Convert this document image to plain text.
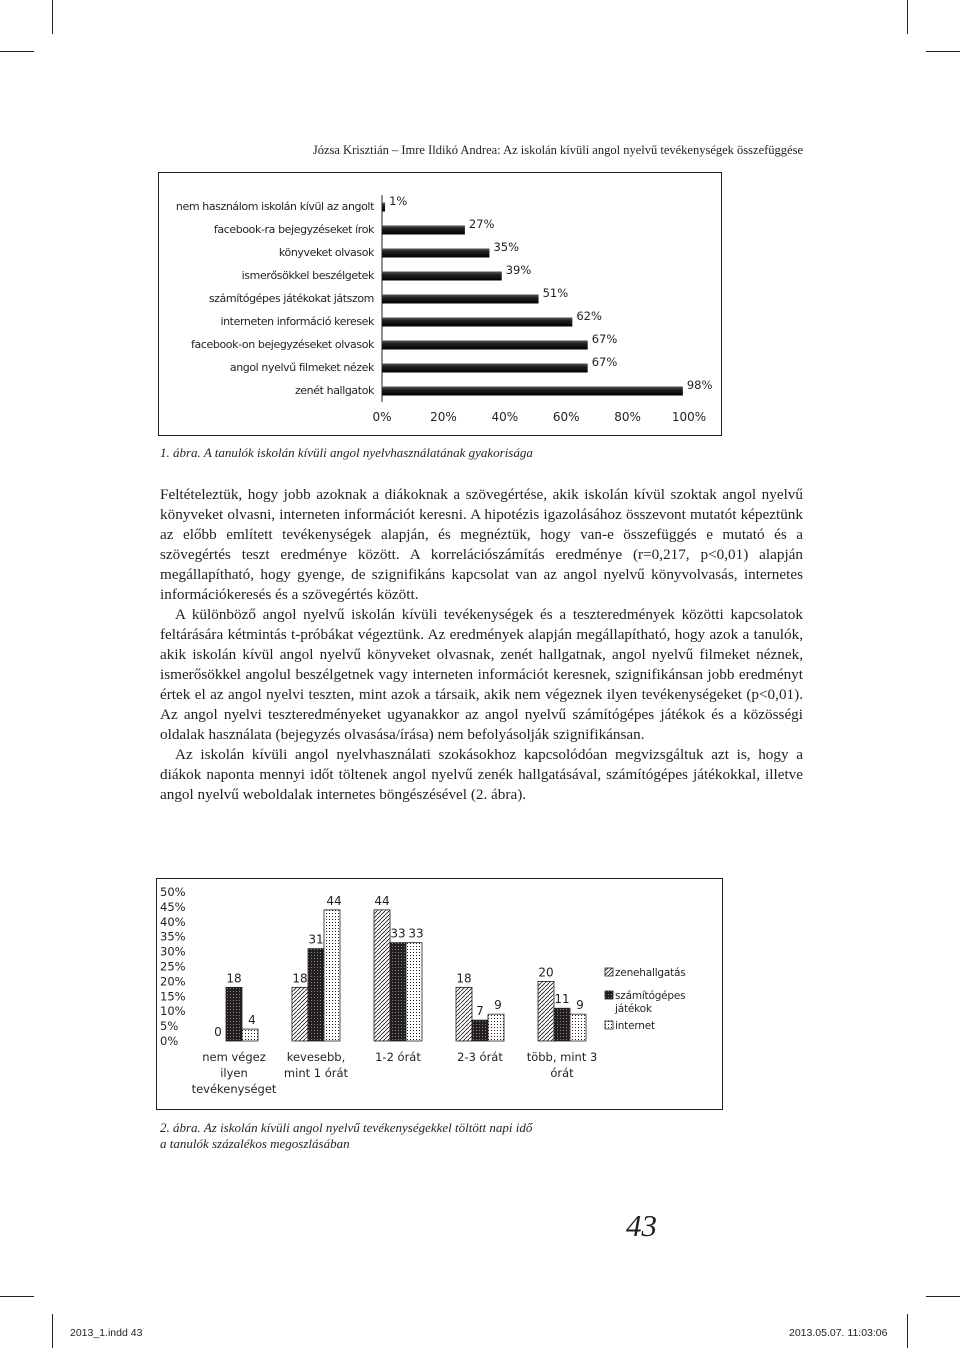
Józsa Krisztián – Imre Ildikó Andrea: Az iskolán kívüli angol nyelvű tevékenységek összefüggése
nem használom iskolán kívül az angolt
facebook-ra bejegyzéseket írok
könyveket olvasok
ismerősökkel beszélgetek
számítógépes játékokat játszom
interneten információ keresek
facebook-on bejegyzéseket olvasok
angol nyelvű filmeket nézek
zenét hallgatok
1%
27%
35%
39%
51%
62%
67%
67%
98%
0%	20%	40%	60%	80%	100%
1. ábra. A tanulók iskolán kívüli angol nyelvhasználatának gyakorisága

Feltételeztük, hogy jobb azoknak a diákoknak a szövegértése, akik iskolán kívül szoktak angol nyelvű könyveket olvasni, interneten információt keresni. A hipotézis igazolásához összevont mutatót képeztünk az előbb említett tevékenységek alapján, és megnéztük, hogy van-e összefüggés e mutató és a szövegértés teszt eredménye között. A korrelációszámítás eredménye (r=0,217, p<0,01) alapján megállapítható, hogy gyenge, de szignifikáns kapcsolat van az angol nyelvű könyvolvasás, internetes információkeresés és a szövegértés között.

A különböző angol nyelvű iskolán kívüli tevékenységek és a teszteredmények közötti kapcsolatok feltárására kétmintás t-próbákat végeztünk. Az eredmények alapján megállapítható, hogy azok a tanulók, akik iskolán kívül angol nyelvű könyveket olvasnak, zenét hallgatnak, angol nyelvű filmeket néznek, ismerősökkel angolul beszélgetnek vagy interneten információt keresnek, szignifikánsan jobb eredményt értek el az angol nyelvi teszten, mint azok a társaik, akik nem végeznek ilyen tevékenységeket (p<0,01). Az angol nyelvi teszteredményeket ugyanakkor az angol nyelvű számítógépes játékok és a közösségi oldalak használata (bejegyzés olvasása/írása) nem befolyásolják szignifikánsan.

Az iskolán kívüli angol nyelvhasználati szokásokhoz kapcsolódóan megvizsgáltuk azt is, hogy a diákok naponta mennyi időt töltenek angol nyelvű zenék hallgatásával, számítógépes játékokkal, illetve angol nyelvű weboldalak internetes böngészésével (2. ábra).

0%
5%
10%
15%
20%
25%
30%
35%
40%
45%
50%
0
18
4
18
31
44	44
33 33
18
7 9
20
11 9
nem végez
ilyen
tevékenységet
kevesebb,
mint 1 órát
1-2 órát	2-3 órát több, mint 3
órát
zenehallgatás
számítógépes
játékok
internet
2. ábra. Az iskolán kívüli angol nyelvű tevékenységekkel töltött napi idő
a tanulók százalékos megoszlásában
43
2013_1.indd 43	2013.05.07. 11:03:06
